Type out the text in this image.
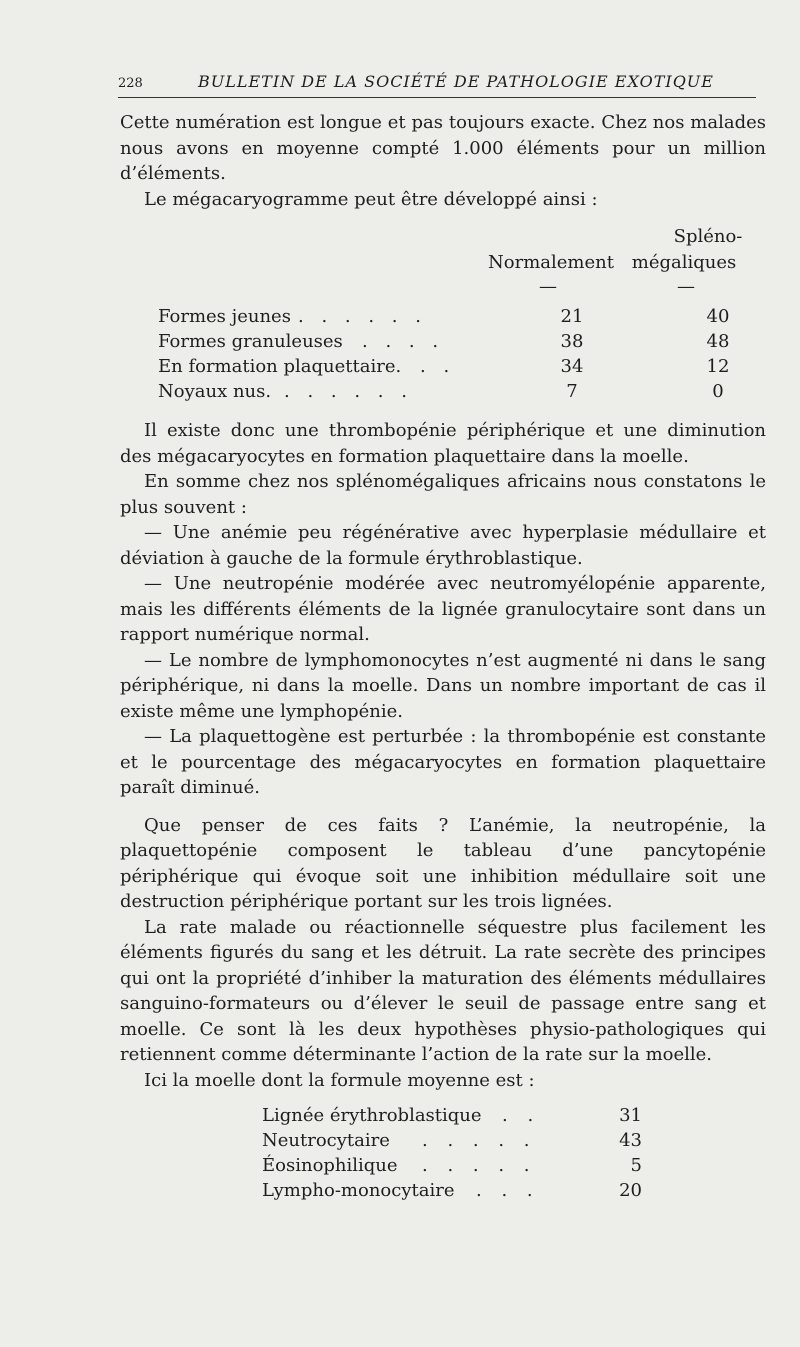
228	BULLETIN DE LA SOCIÉTÉ DE PATHOLOGIE EXOTIQUE

Cette numération est longue et pas toujours exacte. Chez nos malades nous avons en moyenne compté 1.000 éléments pour un million d’éléments.

Le mégacaryogramme peut être développé ainsi :

Spléno-
Normalement mégaliques
—	—
Formes jeunes . . . . . .	21	40
Formes granuleuses . . . .	38	48
En formation plaquettaire. . .	34	12
Noyaux nus. . . . . . .	7	0

Il existe donc une thrombopénie périphérique et une diminution des mégacaryocytes en formation plaquettaire dans la moelle.

En somme chez nos splénomégaliques africains nous constatons le plus souvent :

— Une anémie peu régénérative avec hyperplasie médullaire et déviation à gauche de la formule érythroblastique.

— Une neutropénie modérée avec neutromyélopénie apparente, mais les différents éléments de la lignée granulocytaire sont dans un rapport numérique normal.

— Le nombre de lymphomonocytes n’est augmenté ni dans le sang périphérique, ni dans la moelle. Dans un nombre important de cas il existe même une lymphopénie.

— La plaquettogène est perturbée : la thrombopénie est constante et le pourcentage des mégacaryocytes en formation plaquettaire paraît diminué.

Que penser de ces faits ? L’anémie, la neutropénie, la plaquettopénie composent le tableau d’une pancytopénie périphérique qui évoque soit une inhibition médullaire soit une destruction périphérique portant sur les trois lignées.

La rate malade ou réactionnelle séquestre plus facilement les éléments figurés du sang et les détruit. La rate secrète des principes qui ont la propriété d’inhiber la maturation des éléments médullaires sanguino-formateurs ou d’élever le seuil de passage entre sang et moelle. Ce sont là les deux hypothèses physio-pathologiques qui retiennent comme déterminante l’action de la rate sur la moelle.

Ici la moelle dont la formule moyenne est :

Lignée érythroblastique . .	31
Neutrocytaire . . . . .	43
Éosinophilique . . . . .	5
Lympho-monocytaire . . .	20
